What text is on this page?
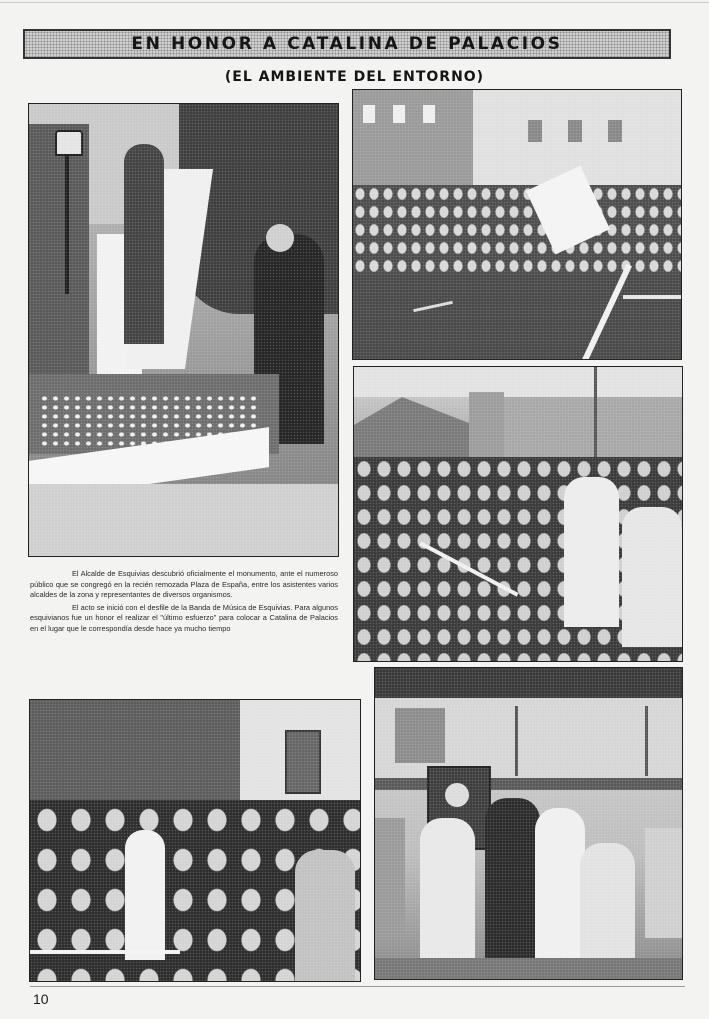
EN HONOR A CATALINA DE PALACIOS
(EL AMBIENTE DEL ENTORNO)

El Alcalde de Esquivias descubrió oficialmente el monumento, ante el numeroso público que se congregó en la recién remozada Plaza de España, entre los asistentes varios alcaldes de la zona y representantes de diversos organismos.

El acto se inició con el desfile de la Banda de Música de Esquivias. Para algunos esquivianos fue un honor el realizar el "último esfuerzo" para colocar a Catalina de Palacios en el lugar que le correspondía desde hace ya mucho tiempo

10
